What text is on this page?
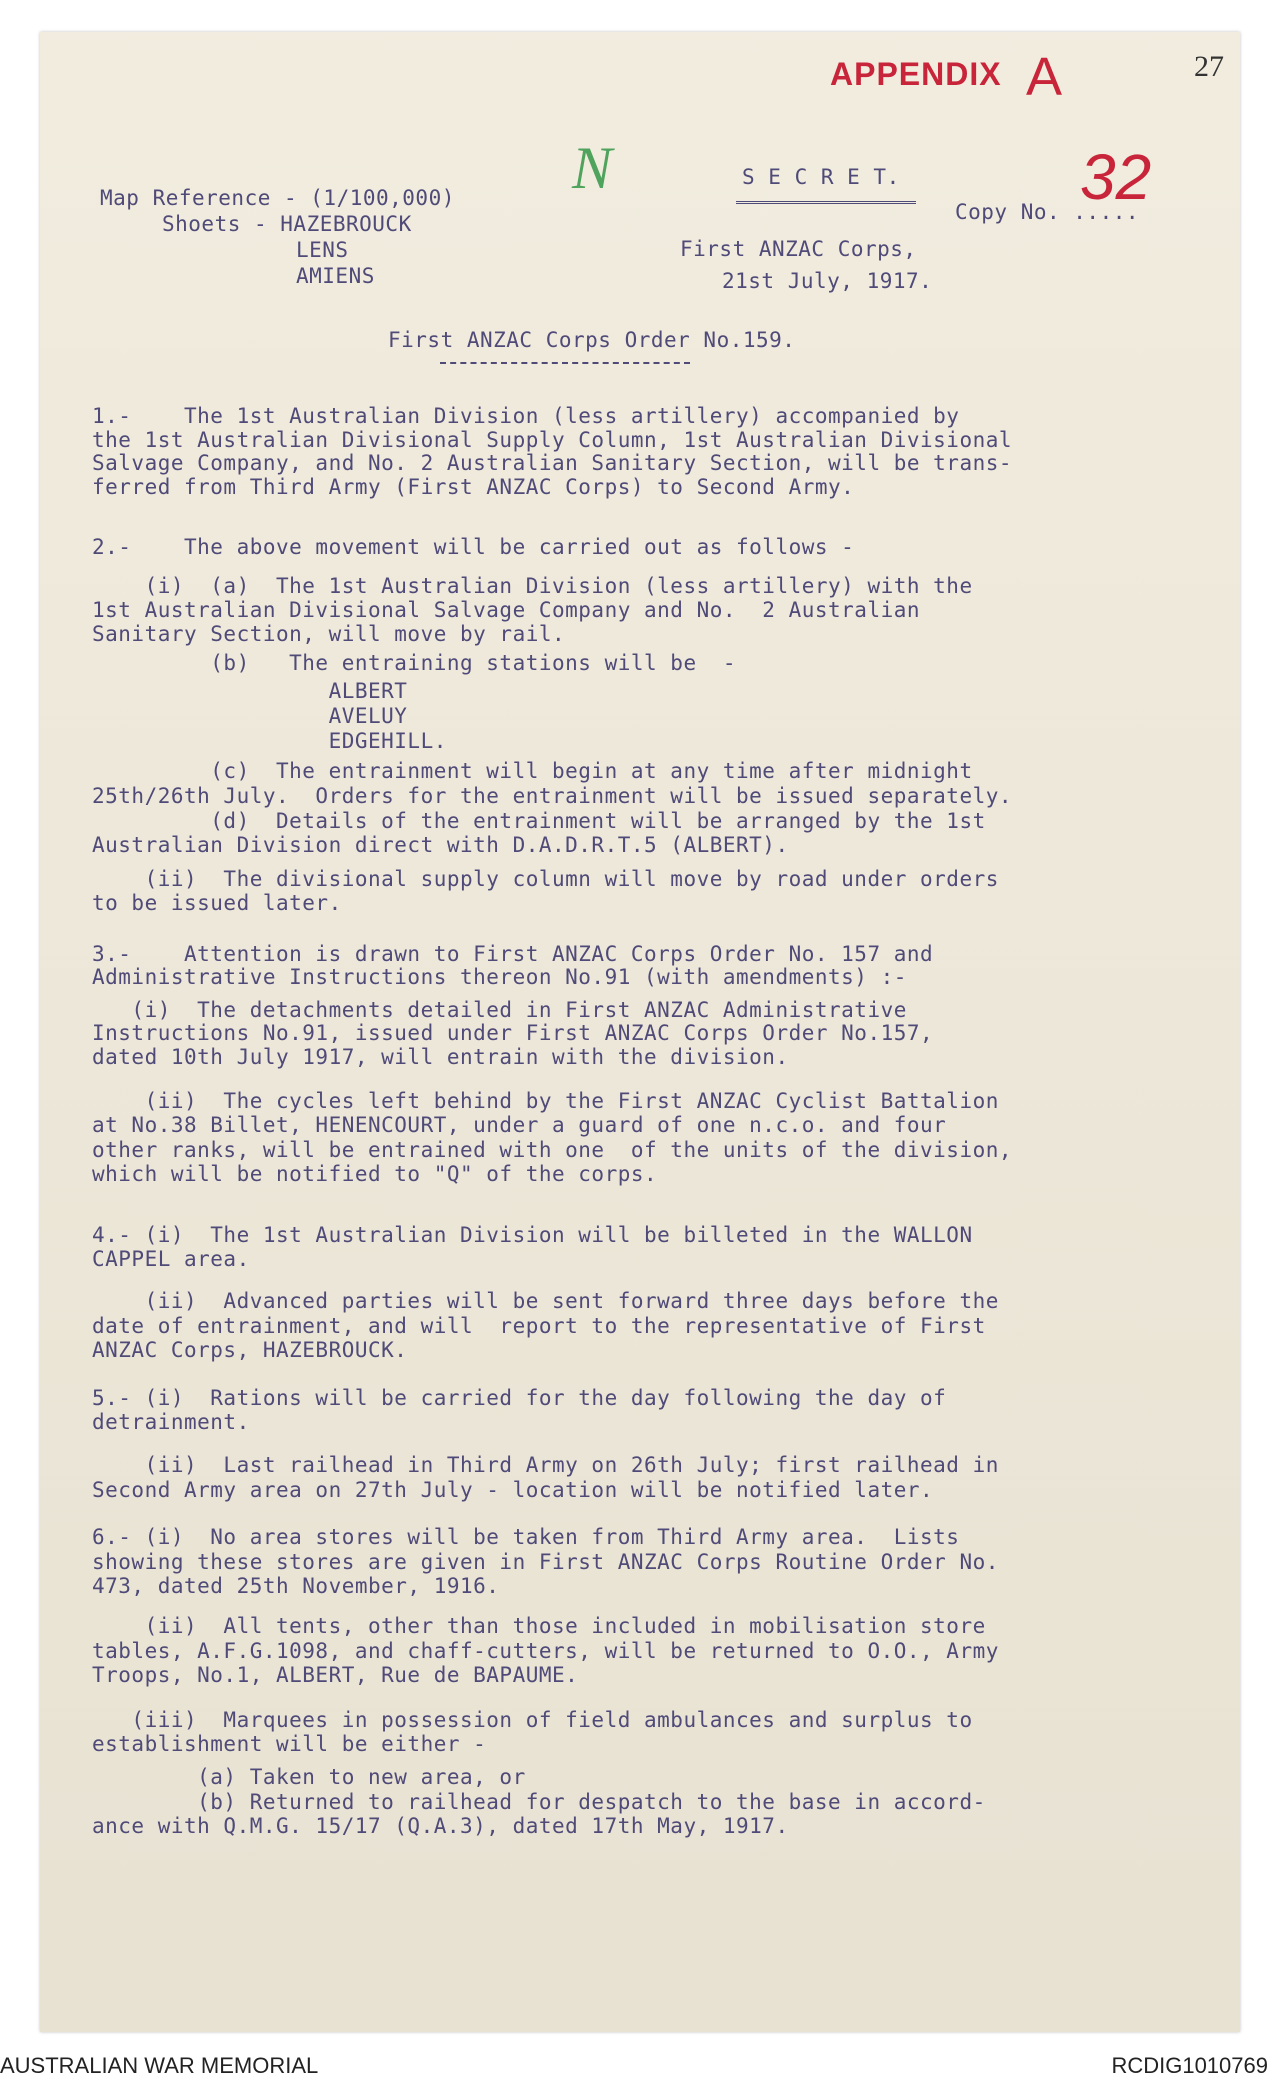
APPENDIX A
32
27
N
Map Reference - (1/100,000)
Shoets - HAZEBROUCK
LENS
AMIENS
S E C R E T.
Copy No. .....
First ANZAC Corps,
21st July, 1917.
First ANZAC Corps Order No.159.
1.-    The 1st Australian Division (less artillery) accompanied by
the 1st Australian Divisional Supply Column, 1st Australian Divisional
Salvage Company, and No. 2 Australian Sanitary Section, will be trans-
ferred from Third Army (First ANZAC Corps) to Second Army.
2.-    The above movement will be carried out as follows -
(i)  (a)  The 1st Australian Division (less artillery) with the
1st Australian Divisional Salvage Company and No.  2 Australian
Sanitary Section, will move by rail.
(b)   The entraining stations will be  -
ALBERT
AVELUY
EDGEHILL.
(c)  The entrainment will begin at any time after midnight
25th/26th July.  Orders for the entrainment will be issued separately.
(d)  Details of the entrainment will be arranged by the 1st
Australian Division direct with D.A.D.R.T.5 (ALBERT).
(ii)  The divisional supply column will move by road under orders
to be issued later.
3.-    Attention is drawn to First ANZAC Corps Order No. 157 and
Administrative Instructions thereon No.91 (with amendments) :-
(i)  The detachments detailed in First ANZAC Administrative
Instructions No.91, issued under First ANZAC Corps Order No.157,
dated 10th July 1917, will entrain with the division.
(ii)  The cycles left behind by the First ANZAC Cyclist Battalion
at No.38 Billet, HENENCOURT, under a guard of one n.c.o. and four
other ranks, will be entrained with one  of the units of the division,
which will be notified to "Q" of the corps.
4.- (i)  The 1st Australian Division will be billeted in the WALLON
CAPPEL area.
(ii)  Advanced parties will be sent forward three days before the
date of entrainment, and will  report to the representative of First
ANZAC Corps, HAZEBROUCK.
5.- (i)  Rations will be carried for the day following the day of
detrainment.
(ii)  Last railhead in Third Army on 26th July; first railhead in
Second Army area on 27th July - location will be notified later.
6.- (i)  No area stores will be taken from Third Army area.  Lists
showing these stores are given in First ANZAC Corps Routine Order No.
473, dated 25th November, 1916.
(ii)  All tents, other than those included in mobilisation store
tables, A.F.G.1098, and chaff-cutters, will be returned to O.O., Army
Troops, No.1, ALBERT, Rue de BAPAUME.
(iii)  Marquees in possession of field ambulances and surplus to
establishment will be either -
(a) Taken to new area, or
(b) Returned to railhead for despatch to the base in accord-
ance with Q.M.G. 15/17 (Q.A.3), dated 17th May, 1917.
AUSTRALIAN WAR MEMORIAL	RCDIG1010769
